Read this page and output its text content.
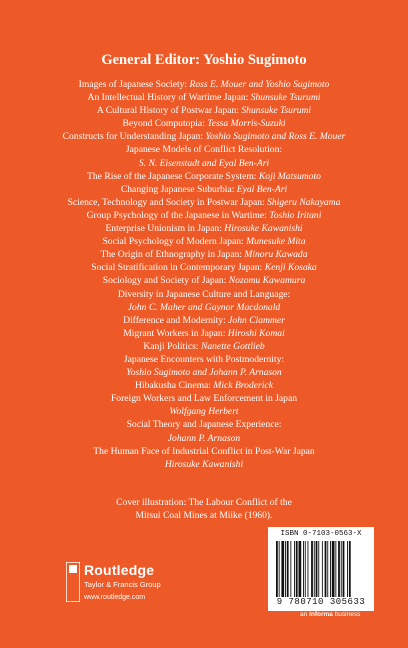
General Editor: Yoshio Sugimoto
Images of Japanese Society: Ross E. Mouer and Yoshio Sugimoto
An Intellectual History of Wartime Japan: Shunsuke Tsurumi
A Cultural History of Postwar Japan: Shunsuke Tsurumi
Beyond Computopia: Tessa Morris-Suzuki
Constructs for Understanding Japan: Yoshio Sugimoto and Ross E. Mouer
Japanese Models of Conflict Resolution:
S. N. Eisenstadt and Eyal Ben-Ari
The Rise of the Japanese Corporate System: Koji Matsumoto
Changing Japanese Suburbia: Eyal Ben-Ari
Science, Technology and Society in Postwar Japan: Shigeru Nakayama
Group Psychology of the Japanese in Wartime: Toshio Iritani
Enterprise Unionism in Japan: Hirosuke Kawanishi
Social Psychology of Modern Japan: Munesuke Mita
The Origin of Ethnography in Japan: Minoru Kawada
Social Stratification in Contemporary Japan: Kenji Kosaka
Sociology and Society of Japan: Nozomu Kawamura
Diversity in Japanese Culture and Language:
John C. Maher and Gaynor Macdonald
Difference and Modernity: John Clammer
Migrant Workers in Japan: Hiroshi Komai
Kanji Politics: Nanette Gottlieb
Japanese Encounters with Postmodernity:
Yoshio Sugimoto and Johann P. Arnason
Hibakusha Cinema: Mick Broderick
Foreign Workers and Law Enforcement in Japan
Wolfgang Herbert
Social Theory and Japanese Experience:
Johann P. Arnason
The Human Face of Industrial Conflict in Post-War Japan
Hirosuke Kawanishi
Cover illustration: The Labour Conflict of the
Mitsui Coal Mines at Miike (1960).
Routledge
Taylor & Francis Group
www.routledge.com
ISBN 0-7103-0563-X
9 780710 305633
an informa business
